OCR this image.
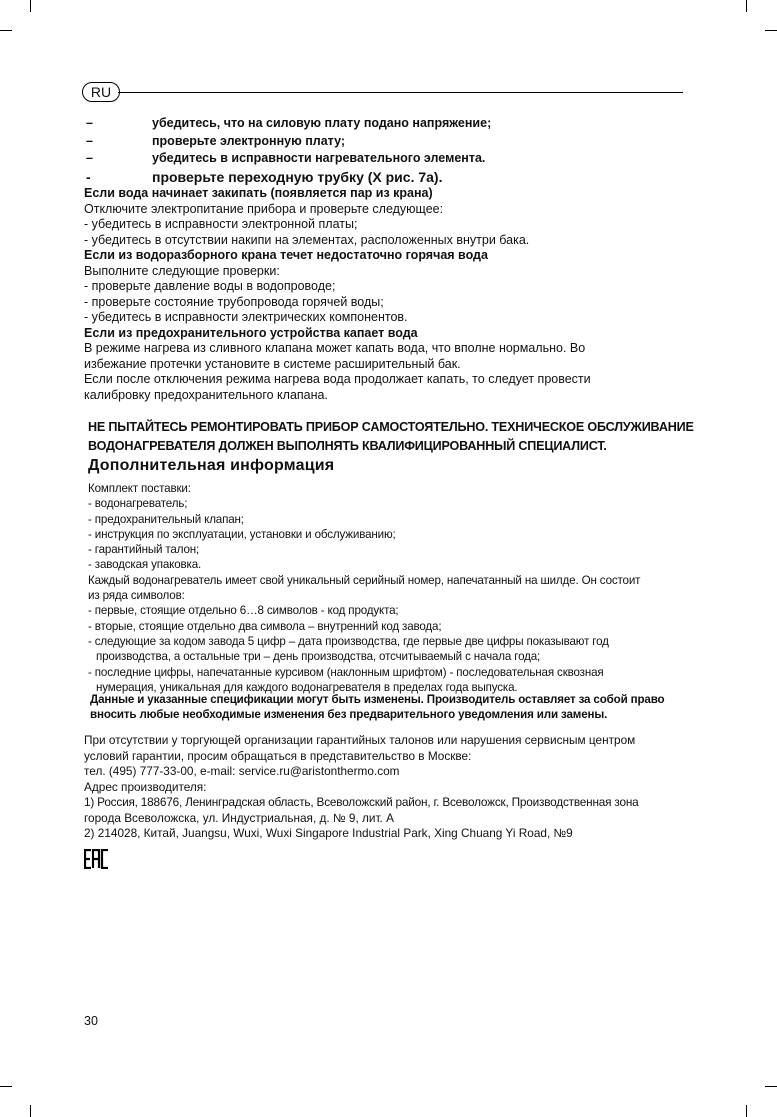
RU
–	убедитесь, что на силовую плату подано напряжение;
–	проверьте электронную плату;
–	убедитесь в исправности нагревательного элемента.
-	проверьте переходную трубку (X рис. 7a).

Если вода начинает закипать (появляется пар из крана)

Отключите электропитание прибора и проверьте следующее:

- убедитесь в исправности электронной платы;

- убедитесь в отсутствии накипи на элементах, расположенных внутри бака.

Если из водоразборного крана течет недостаточно горячая вода

Выполните следующие проверки:

- проверьте давление воды в водопроводе;

- проверьте состояние трубопровода горячей воды;

- убедитесь в исправности электрических компонентов.

Если из предохранительного устройства капает вода

В режиме нагрева из сливного клапана может капать вода, что вполне нормально. Во

избежание протечки установите в системе расширительный бак.

Если после отключения режима нагрева вода продолжает капать, то следует провести

калибровку предохранительного клапана.

НЕ ПЫТАЙТЕСЬ РЕМОНТИРОВАТЬ ПРИБОР САМОСТОЯТЕЛЬНО. ТЕХНИЧЕСКОЕ ОБСЛУЖИВАНИЕ

ВОДОНАГРЕВАТЕЛЯ ДОЛЖЕН ВЫПОЛНЯТЬ КВАЛИФИЦИРОВАННЫЙ СПЕЦИАЛИСТ.

Дополнительная информация

Комплект поставки:

- водонагреватель;

- предохранительный клапан;

- инструкция по эксплуатации, установки и обслуживанию;

- гарантийный талон;

- заводская упаковка.

Каждый водонагреватель имеет свой уникальный серийный номер, напечатанный на шилде. Он состоит

из ряда символов:

- первые, стоящие отдельно 6…8 символов - код продукта;

- вторые, стоящие отдельно два символа – внутренний код завода;

- следующие за кодом завода 5 цифр – дата производства, где первые две цифры показывают год

производства, а остальные три – день производства, отсчитываемый с начала года;

- последние цифры, напечатанные курсивом (наклонным шрифтом) - последовательная сквозная

нумерация, уникальная для каждого водонагревателя в пределах года выпуска.

Данные и указанные спецификации могут быть изменены. Производитель оставляет за собой право

вносить любые необходимые изменения без предварительного уведомления или замены.

При отсутствии у торгующей организации гарантийных талонов или нарушения сервисным центром

условий гарантии, просим обращаться в представительство в Москве:

тел. (495) 777-33-00, e-mail: service.ru@aristonthermo.com

Адрес производителя:

1) Россия, 188676, Ленинградская область, Всеволожский район, г. Всеволожск, Производственная зона

города Всеволожска, ул. Индустриальная, д. № 9, лит. А

2) 214028, Китай, Juangsu, Wuxi, Wuxi Singapore Industrial Park, Xing Chuang Yi Road, №9

30
